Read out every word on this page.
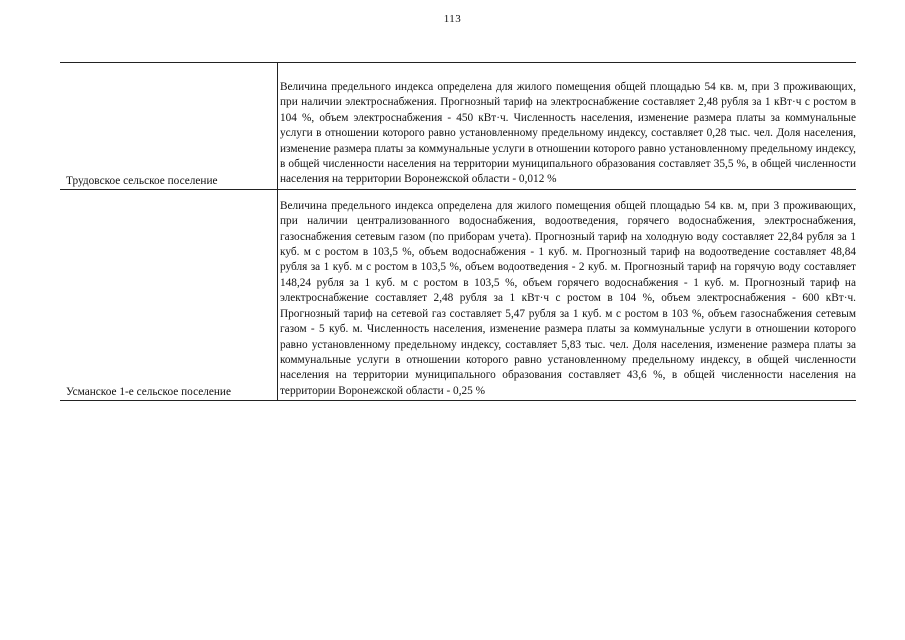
113
Трудовское сельское поселение
Величина предельного индекса определена для жилого помещения общей площадью 54 кв. м, при 3 проживающих, при наличии электроснабжения. Прогнозный тариф на электроснабжение составляет 2,48 рубля за 1 кВт·ч с ростом в 104 %, объем электроснабжения - 450 кВт·ч. Численность населения, изменение размера платы за коммунальные услуги в отношении которого равно установленному предельному индексу, составляет 0,28 тыс. чел. Доля населения, изменение размера платы за коммунальные услуги в отношении которого равно установленному предельному индексу, в общей численности населения на территории муниципального образования составляет 35,5 %, в общей численности населения на территории Воронежской области - 0,012 %
Усманское 1-е сельское поселение
Величина предельного индекса определена для жилого помещения общей площадью 54 кв. м, при 3 проживающих, при наличии централизованного водоснабжения, водоотведения, горячего водоснабжения, электроснабжения, газоснабжения сетевым газом (по приборам учета). Прогнозный тариф на холодную воду составляет 22,84 рубля за 1 куб. м с ростом в 103,5 %, объем водоснабжения - 1 куб. м. Прогнозный тариф на водоотведение составляет 48,84 рубля за 1 куб. м с ростом в 103,5 %, объем водоотведения - 2 куб. м. Прогнозный тариф на горячую воду составляет 148,24 рубля за 1 куб. м с ростом в 103,5 %, объем горячего водоснабжения - 1 куб. м. Прогнозный тариф на электроснабжение составляет 2,48 рубля за 1 кВт·ч с ростом в 104 %, объем электроснабжения - 600 кВт·ч. Прогнозный тариф на сетевой газ составляет 5,47 рубля за 1 куб. м с ростом в 103 %, объем газоснабжения сетевым газом - 5 куб. м. Численность населения, изменение размера платы за коммунальные услуги в отношении которого равно установленному предельному индексу, составляет 5,83 тыс. чел. Доля населения, изменение размера платы за коммунальные услуги в отношении которого равно установленному предельному индексу, в общей численности населения на территории муниципального образования составляет 43,6 %, в общей численности населения на территории Воронежской области - 0,25 %
